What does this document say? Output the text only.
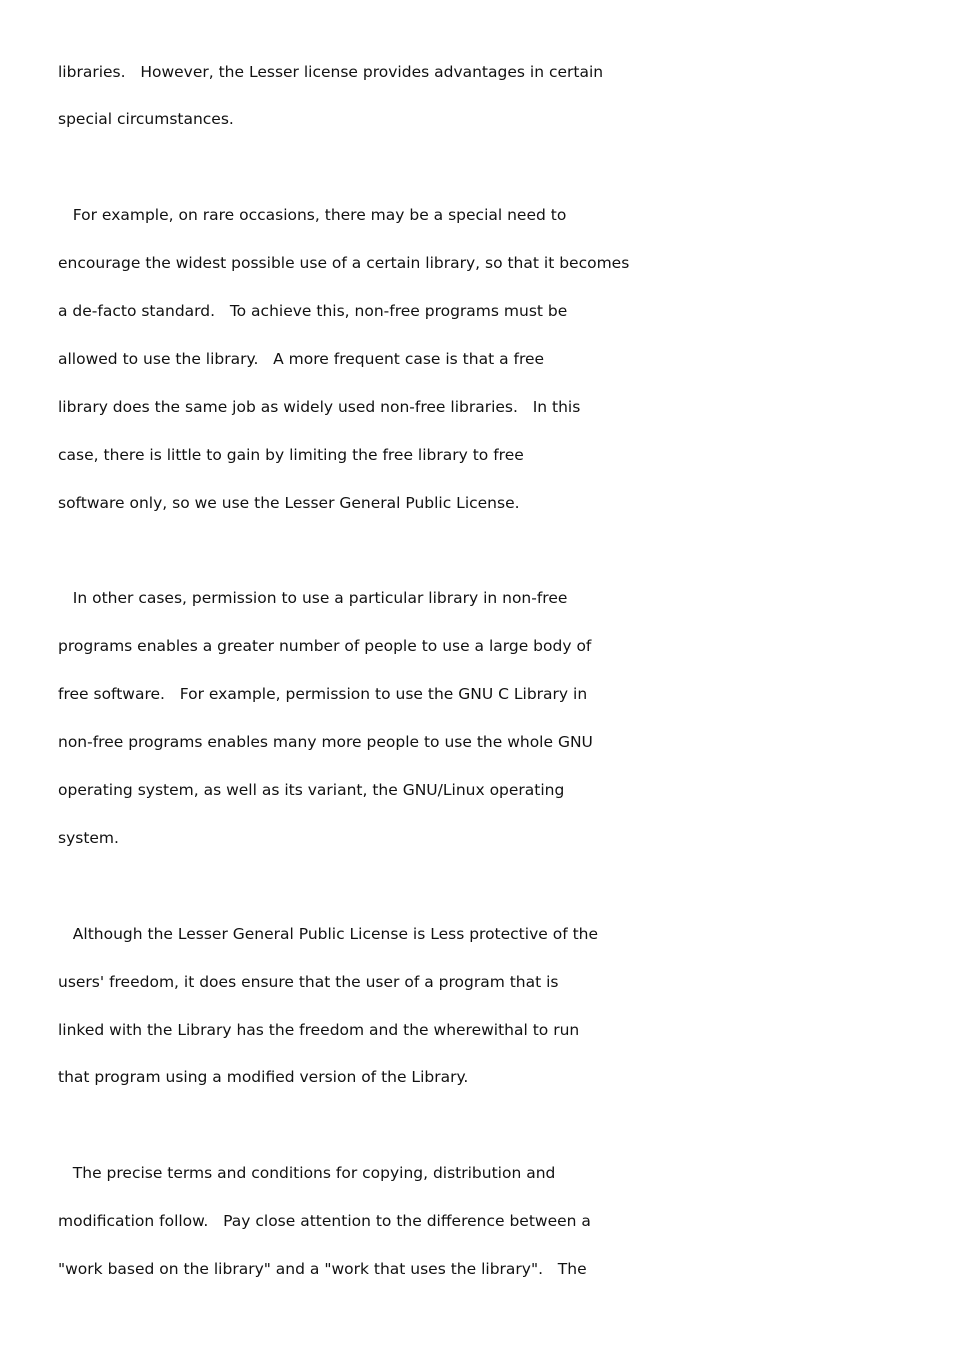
libraries.   However, the Lesser license provides advantages in certain
special circumstances.
For example, on rare occasions, there may be a special need to
encourage the widest possible use of a certain library, so that it becomes
a de-facto standard.   To achieve this, non-free programs must be
allowed to use the library.   A more frequent case is that a free
library does the same job as widely used non-free libraries.   In this
case, there is little to gain by limiting the free library to free
software only, so we use the Lesser General Public License.
In other cases, permission to use a particular library in non-free
programs enables a greater number of people to use a large body of
free software.   For example, permission to use the GNU C Library in
non-free programs enables many more people to use the whole GNU
operating system, as well as its variant, the GNU/Linux operating
system.
Although the Lesser General Public License is Less protective of the
users' freedom, it does ensure that the user of a program that is
linked with the Library has the freedom and the wherewithal to run
that program using a modified version of the Library.
The precise terms and conditions for copying, distribution and
modification follow.   Pay close attention to the difference between a
"work based on the library" and a "work that uses the library".   The
